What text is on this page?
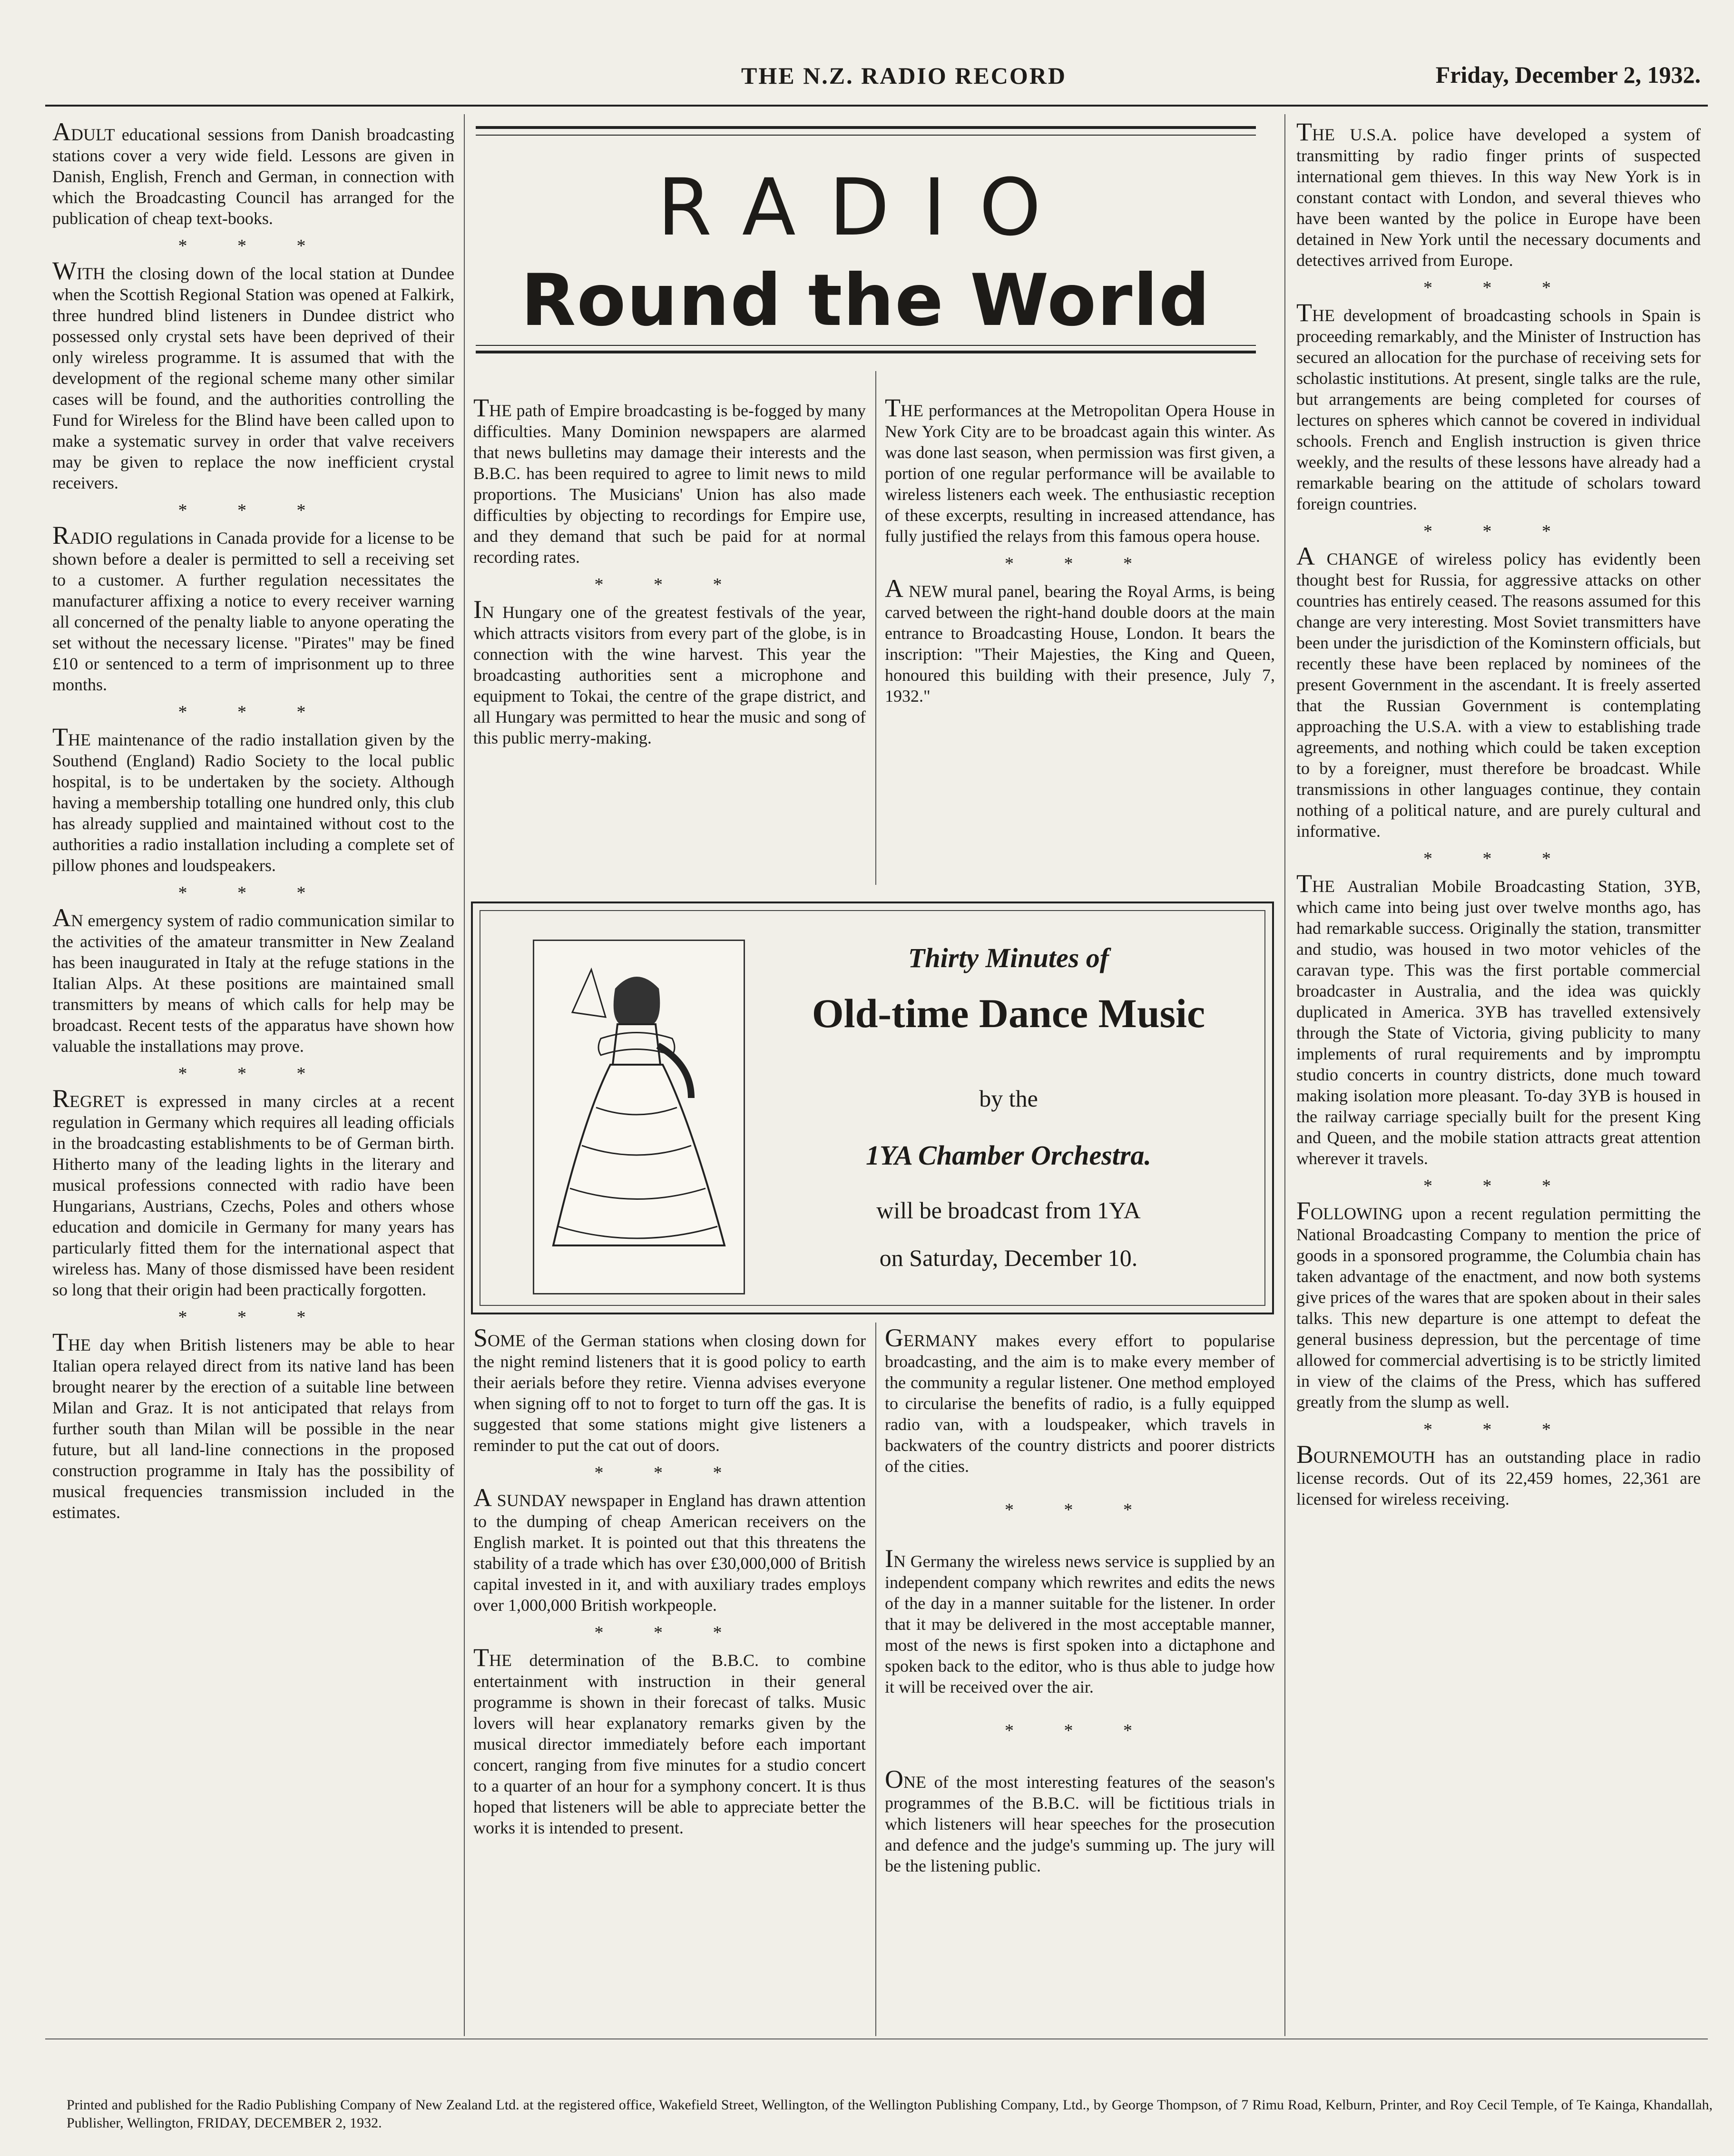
THE N.Z. RADIO RECORD	Friday, December 2, 1932.
RADIO
Round the World

ADULT educational sessions from Danish broadcasting stations cover a very wide field. Lessons are given in Danish, English, French and German, in connection with which the Broadcasting Council has arranged for the publication of cheap text-books.

* * *

WITH the closing down of the local station at Dundee when the Scottish Regional Station was opened at Falkirk, three hundred blind listeners in Dundee district who possessed only crystal sets have been deprived of their only wireless programme. It is assumed that with the development of the regional scheme many other similar cases will be found, and the authorities controlling the Fund for Wireless for the Blind have been called upon to make a systematic survey in order that valve receivers may be given to replace the now inefficient crystal receivers.

* * *

RADIO regulations in Canada provide for a license to be shown before a dealer is permitted to sell a receiving set to a customer. A further regulation necessitates the manufacturer affixing a notice to every receiver warning all concerned of the penalty liable to anyone operating the set without the necessary license. "Pirates" may be fined £10 or sentenced to a term of imprisonment up to three months.

* * *

THE maintenance of the radio installation given by the Southend (England) Radio Society to the local public hospital, is to be undertaken by the society. Although having a membership totalling one hundred only, this club has already supplied and maintained without cost to the authorities a radio installation including a complete set of pillow phones and loudspeakers.

* * *

AN emergency system of radio communication similar to the activities of the amateur transmitter in New Zealand has been inaugurated in Italy at the refuge stations in the Italian Alps. At these positions are maintained small transmitters by means of which calls for help may be broadcast. Recent tests of the apparatus have shown how valuable the installations may prove.

* * *

REGRET is expressed in many circles at a recent regulation in Germany which requires all leading officials in the broadcasting establishments to be of German birth. Hitherto many of the leading lights in the literary and musical professions connected with radio have been Hungarians, Austrians, Czechs, Poles and others whose education and domicile in Germany for many years has particularly fitted them for the international aspect that wireless has. Many of those dismissed have been resident so long that their origin had been practically forgotten.

* * *

THE day when British listeners may be able to hear Italian opera relayed direct from its native land has been brought nearer by the erection of a suitable line between Milan and Graz. It is not anticipated that relays from further south than Milan will be possible in the near future, but all land-line connections in the proposed construction programme in Italy has the possibility of musical frequencies transmission included in the estimates.

THE path of Empire broadcasting is be-fogged by many difficulties. Many Dominion newspapers are alarmed that news bulletins may damage their interests and the B.B.C. has been required to agree to limit news to mild proportions. The Musicians' Union has also made difficulties by objecting to recordings for Empire use, and they demand that such be paid for at normal recording rates.

* * *

IN Hungary one of the greatest festivals of the year, which attracts visitors from every part of the globe, is in connection with the wine harvest. This year the broadcasting authorities sent a microphone and equipment to Tokai, the centre of the grape district, and all Hungary was permitted to hear the music and song of this public merry-making.

THE performances at the Metropolitan Opera House in New York City are to be broadcast again this winter. As was done last season, when permission was first given, a portion of one regular performance will be available to wireless listeners each week. The enthusiastic reception of these excerpts, resulting in increased attendance, has fully justified the relays from this famous opera house.

* * *

A NEW mural panel, bearing the Royal Arms, is being carved between the right-hand double doors at the main entrance to Broadcasting House, London. It bears the inscription: "Their Majesties, the King and Queen, honoured this building with their presence, July 7, 1932."

Thirty Minutes of
Old-time Dance Music
by the
1YA Chamber Orchestra.
will be broadcast from 1YA
on Saturday, December 10.

SOME of the German stations when closing down for the night remind listeners that it is good policy to earth their aerials before they retire. Vienna advises everyone when signing off to not to forget to turn off the gas. It is suggested that some stations might give listeners a reminder to put the cat out of doors.

* * *

A SUNDAY newspaper in England has drawn attention to the dumping of cheap American receivers on the English market. It is pointed out that this threatens the stability of a trade which has over £30,000,000 of British capital invested in it, and with auxiliary trades employs over 1,000,000 British workpeople.

* * *

THE determination of the B.B.C. to combine entertainment with instruction in their general programme is shown in their forecast of talks. Music lovers will hear explanatory remarks given by the musical director immediately before each important concert, ranging from five minutes for a studio concert to a quarter of an hour for a symphony concert. It is thus hoped that listeners will be able to appreciate better the works it is intended to present.

GERMANY makes every effort to popularise broadcasting, and the aim is to make every member of the community a regular listener. One method employed to circularise the benefits of radio, is a fully equipped radio van, with a loudspeaker, which travels in backwaters of the country districts and poorer districts of the cities.

* * *

IN Germany the wireless news service is supplied by an independent company which rewrites and edits the news of the day in a manner suitable for the listener. In order that it may be delivered in the most acceptable manner, most of the news is first spoken into a dictaphone and spoken back to the editor, who is thus able to judge how it will be received over the air.

* * *

ONE of the most interesting features of the season's programmes of the B.B.C. will be fictitious trials in which listeners will hear speeches for the prosecution and defence and the judge's summing up. The jury will be the listening public.

THE U.S.A. police have developed a system of transmitting by radio finger prints of suspected international gem thieves. In this way New York is in constant contact with London, and several thieves who have been wanted by the police in Europe have been detained in New York until the necessary documents and detectives arrived from Europe.

* * *

THE development of broadcasting schools in Spain is proceeding remarkably, and the Minister of Instruction has secured an allocation for the purchase of receiving sets for scholastic institutions. At present, single talks are the rule, but arrangements are being completed for courses of lectures on spheres which cannot be covered in individual schools. French and English instruction is given thrice weekly, and the results of these lessons have already had a remarkable bearing on the attitude of scholars toward foreign countries.

* * *

A CHANGE of wireless policy has evidently been thought best for Russia, for aggressive attacks on other countries has entirely ceased. The reasons assumed for this change are very interesting. Most Soviet transmitters have been under the jurisdiction of the Kominstern officials, but recently these have been replaced by nominees of the present Government in the ascendant. It is freely asserted that the Russian Government is contemplating approaching the U.S.A. with a view to establishing trade agreements, and nothing which could be taken exception to by a foreigner, must therefore be broadcast. While transmissions in other languages continue, they contain nothing of a political nature, and are purely cultural and informative.

* * *

THE Australian Mobile Broadcasting Station, 3YB, which came into being just over twelve months ago, has had remarkable success. Originally the station, transmitter and studio, was housed in two motor vehicles of the caravan type. This was the first portable commercial broadcaster in Australia, and the idea was quickly duplicated in America. 3YB has travelled extensively through the State of Victoria, giving publicity to many implements of rural requirements and by impromptu studio concerts in country districts, done much toward making isolation more pleasant. To-day 3YB is housed in the railway carriage specially built for the present King and Queen, and the mobile station attracts great attention wherever it travels.

* * *

FOLLOWING upon a recent regulation permitting the National Broadcasting Company to mention the price of goods in a sponsored programme, the Columbia chain has taken advantage of the enactment, and now both systems give prices of the wares that are spoken about in their sales talks. This new departure is one attempt to defeat the general business depression, but the percentage of time allowed for commercial advertising is to be strictly limited in view of the claims of the Press, which has suffered greatly from the slump as well.

* * *

BOURNEMOUTH has an outstanding place in radio license records. Out of its 22,459 homes, 22,361 are licensed for wireless receiving.

Printed and published for the Radio Publishing Company of New Zealand Ltd. at the registered office, Wakefield Street, Wellington, of the Wellington Publishing Company, Ltd., by George Thompson, of 7 Rimu Road, Kelburn, Printer, and Roy Cecil Temple, of Te Kainga, Khandallah, Publisher, Wellington, FRIDAY, DECEMBER 2, 1932.
